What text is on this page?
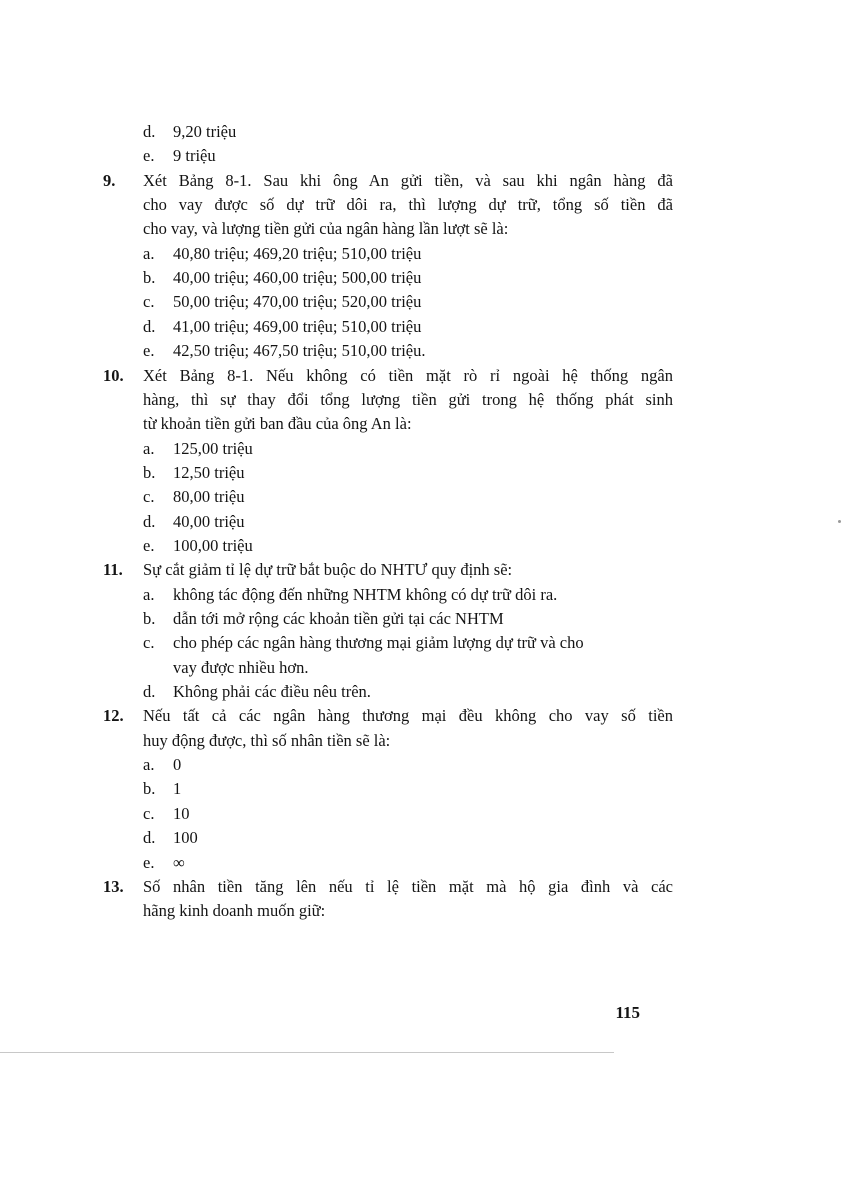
d.	9,20 triệu
e.	9 triệu
9.	Xét Bảng 8-1. Sau khi ông An gửi tiền, và sau khi ngân hàng đã
cho vay được số dự trữ dôi ra, thì lượng dự trữ, tổng số tiền đã
cho vay, và lượng tiền gửi của ngân hàng lần lượt sẽ là:
a.	40,80 triệu; 469,20 triệu; 510,00 triệu
b.	40,00 triệu; 460,00 triệu; 500,00 triệu
c.	50,00 triệu; 470,00 triệu; 520,00 triệu
d.	41,00 triệu; 469,00 triệu; 510,00 triệu
e.	42,50 triệu; 467,50 triệu; 510,00 triệu.
10.	Xét Bảng 8-1. Nếu không có tiền mặt rò rỉ ngoài hệ thống ngân
hàng, thì sự thay đổi tổng lượng tiền gửi trong hệ thống phát sinh
từ khoản tiền gửi ban đầu của ông An là:
a.	125,00 triệu
b.	12,50 triệu
c.	80,00 triệu
d.	40,00 triệu
e.	100,00 triệu
11.	Sự cắt giảm tỉ lệ dự trữ bắt buộc do NHTƯ quy định sẽ:
a.	không tác động đến những NHTM không có dự trữ dôi ra.
b.	dẫn tới mở rộng các khoản tiền gửi tại các NHTM
c.	cho phép các ngân hàng thương mại giảm lượng dự trữ và cho
vay được nhiều hơn.
d.	Không phải các điều nêu trên.
12.	Nếu tất cả các ngân hàng thương mại đều không cho vay số tiền
huy động được, thì số nhân tiền sẽ là:
a.	0
b.	1
c.	10
d.	100
e.	∞
13.	Số nhân tiền tăng lên nếu tỉ lệ tiền mặt mà hộ gia đình và các
hãng kinh doanh muốn giữ:
115
